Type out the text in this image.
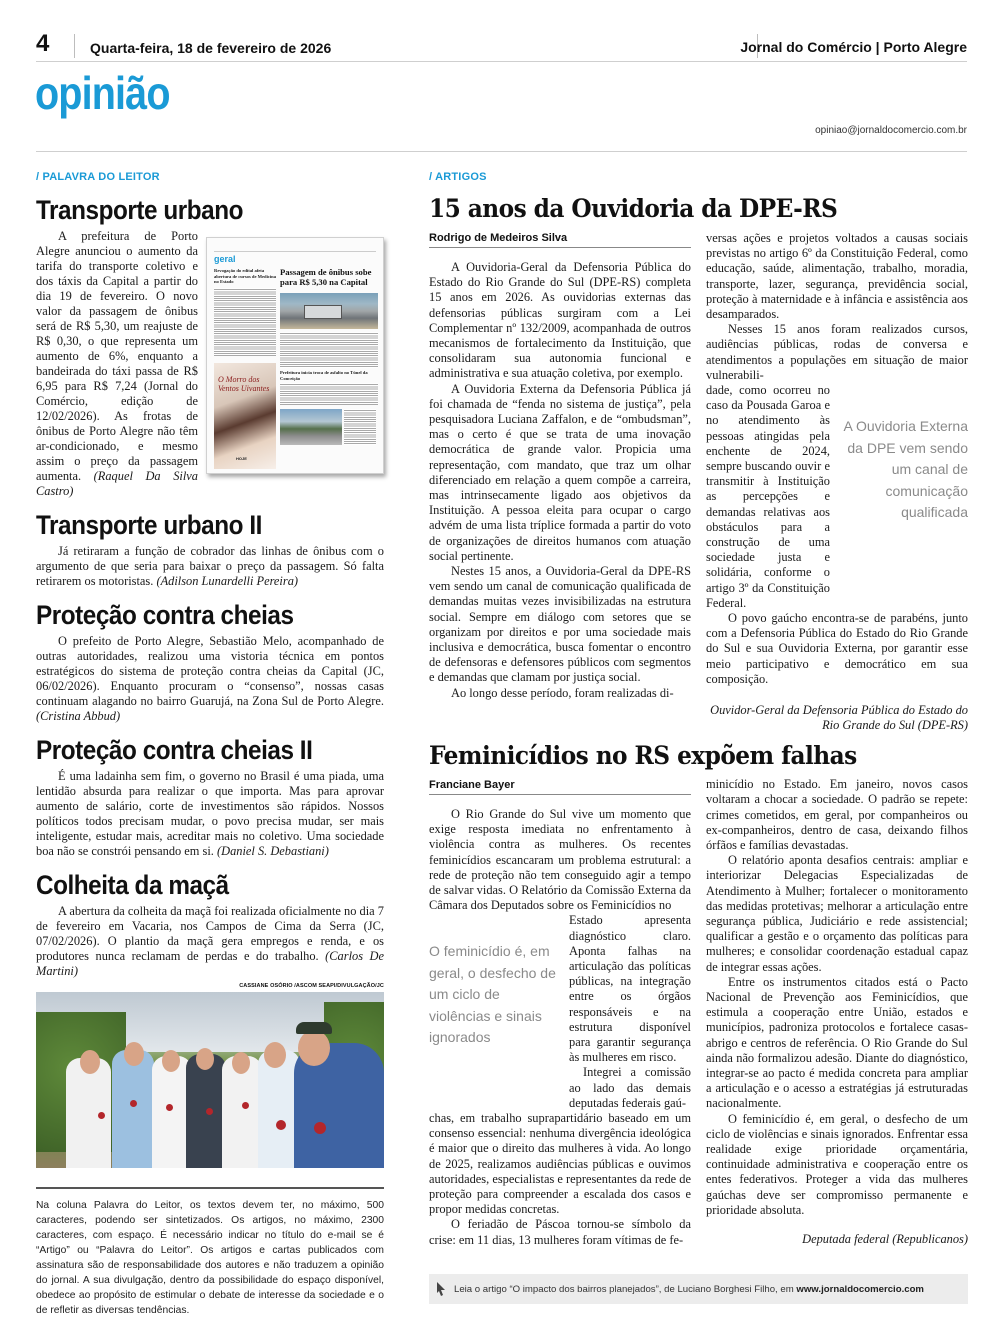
4	Quarta-feira, 18 de fevereiro de 2026	Jornal do Comércio | Porto Alegre
opinião
opiniao@jornaldocomercio.com.br
/ PALAVRA DO LEITOR
Transporte urbano
A prefeitura de Porto Alegre anunciou o aumento da tarifa do transporte coletivo e dos táxis da Capital a partir do dia 19 de fevereiro. O novo valor da passagem de ônibus será de R$ 5,30, um reajuste de R$ 0,30, o que representa um aumento de 6%, enquanto a bandeirada do táxi passa de R$ 6,95 para R$ 7,24 (Jornal do Comércio, edição de 12/02/2026). As frotas de ônibus de Porto Alegre não têm ar-condicionado, e mesmo assim o preço da passagem aumenta. (Raquel Da Silva Castro)
geral
Revogação do edital afeta abertura de cursos de Medicina no Estado
O Morro dos Ventos Uivantes
HOJE
Passagem de ônibus sobe para R$ 5,30 na Capital
Prefeitura inicia troca de asfalto no Túnel da Conceição
Transporte urbano II
Já retiraram a função de cobrador das linhas de ônibus com o argumento de que seria para baixar o preço da passagem. Só falta retirarem os motoristas. (Adilson Lunardelli Pereira)
Proteção contra cheias
O prefeito de Porto Alegre, Sebastião Melo, acompanhado de outras autoridades, realizou uma vistoria técnica em pontos estratégicos do sistema de proteção contra cheias da Capital (JC, 06/02/2026). Enquanto procuram o “consenso”, nossas casas continuam alagando no bairro Guarujá, na Zona Sul de Porto Alegre. (Cristina Abbud)
Proteção contra cheias II
É uma ladainha sem fim, o governo no Brasil é uma piada, uma lentidão absurda para realizar o que importa. Mas para aprovar aumento de salário, corte de investimentos são rápidos. Nossos políticos todos precisam mudar, o povo precisa mudar, ser mais inteligente, estudar mais, acreditar mais no coletivo. Uma sociedade boa não se constrói pensando em si. (Daniel S. Debastiani)
Colheita da maçã
A abertura da colheita da maçã foi realizada oficialmente no dia 7 de fevereiro em Vacaria, nos Campos de Cima da Serra (JC, 07/02/2026). O plantio da maçã gera empregos e renda, e os produtores nunca reclamam de perdas e do trabalho. (Carlos De Martini)
CASSIANE OSÓRIO /ASCOM SEAPI/DIVULGAÇÃO/JC
Na coluna Palavra do Leitor, os textos devem ter, no máximo, 500 caracteres, podendo ser sintetizados. Os artigos, no máximo, 2300 caracteres, com espaço. É necessário indicar no título do e-mail se é “Artigo” ou “Palavra do Leitor”. Os artigos e cartas publicados com assinatura são de responsabilidade dos autores e não traduzem a opinião do jornal. A sua divulgação, dentro da possibilidade do espaço disponível, obedece ao propósito de estimular o debate de interesse da sociedade e o de refletir as diversas tendências.
/ ARTIGOS
15 anos da Ouvidoria da DPE-RS
Rodrigo de Medeiros Silva

A Ouvidoria-Geral da Defensoria Pública do Estado do Rio Grande do Sul (DPE-RS) completa 15 anos em 2026. As ouvidorias externas das defensorias públicas surgiram com a Lei Complementar nº 132/2009, acompanhada de outros mecanismos de fortalecimento da Instituição, que consolidaram sua autonomia funcional e administrativa e sua atuação coletiva, por exemplo.

A Ouvidoria Externa da Defensoria Pública já foi chamada de “fenda no sistema de justiça”, pela pesquisadora Luciana Zaffalon, e de “ombudsman”, mas o certo é que se trata de uma inovação democrática de grande valor. Propicia uma representação, com mandato, que traz um olhar diferenciado em relação a quem compõe a carreira, mas intrinsecamente ligado aos objetivos da Instituição. A pessoa eleita para ocupar o cargo advém de uma lista tríplice formada a partir do voto de organizações de direitos humanos com atuação social pertinente.

Nestes 15 anos, a Ouvidoria-Geral da DPE-RS vem sendo um canal de comunicação qualificada de demandas muitas vezes invisibilizadas na estrutura social. Sempre em diálogo com setores que se organizam por direitos e por uma sociedade mais inclusiva e democrática, busca fomentar o encontro de defensoras e defensores públicos com segmentos e demandas que clamam por justiça social.

Ao longo desse período, foram realizadas di-

Feminicídios no RS expõem falhas
Franciane Bayer

O Rio Grande do Sul vive um momento que exige resposta imediata no enfrentamento à violência contra as mulheres. Os recentes feminicídios escancaram um problema estrutural: a rede de proteção não tem conseguido agir a tempo de salvar vidas. O Relatório da Comissão Externa da Câmara dos Deputados sobre os Feminicídios no

O feminicídio é, em geral, o desfecho de um ciclo de violências e sinais ignorados

Estado apresenta diagnóstico claro. Aponta falhas na articulação das políticas públicas, na integração entre os órgãos responsáveis e na estrutura disponível para garantir segurança às mulheres em risco.

Integrei a comissão ao lado das demais deputadas federais gaú-

chas, em trabalho suprapartidário baseado em um consenso essencial: nenhuma divergência ideológica é maior que o direito das mulheres à vida. Ao longo de 2025, realizamos audiências públicas e ouvimos autoridades, especialistas e representantes da rede de proteção para compreender a escalada dos casos e propor medidas concretas.

O feriadão de Páscoa tornou-se símbolo da crise: em 11 dias, 13 mulheres foram vítimas de fe-

versas ações e projetos voltados a causas sociais previstas no artigo 6º da Constituição Federal, como educação, saúde, alimentação, trabalho, moradia, transporte, lazer, segurança, previdência social, proteção à maternidade e à infância e assistência aos desamparados.

Nesses 15 anos foram realizados cursos, audiências públicas, rodas de conversa e atendimentos a populações em situação de maior vulnerabili-

dade, como ocorreu no caso da Pousada Garoa e no atendimento às pessoas atingidas pela enchente de 2024, sempre buscando ouvir e transmitir à Instituição as percepções e demandas relativas aos obstáculos para a construção de uma sociedade justa e solidária, conforme o artigo 3º da Constituição Federal.

A Ouvidoria Externa da DPE vem sendo um canal de comunicação qualificada

O povo gaúcho encontra-se de parabéns, junto com a Defensoria Pública do Estado do Rio Grande do Sul e sua Ouvidoria Externa, por garantir esse meio participativo e democrático em sua composição.

Ouvidor-Geral da Defensoria Pública do Estado do Rio Grande do Sul (DPE-RS)

minicídio no Estado. Em janeiro, novos casos voltaram a chocar a sociedade. O padrão se repete: crimes cometidos, em geral, por companheiros ou ex-companheiros, dentro de casa, deixando filhos órfãos e famílias devastadas.

O relatório aponta desafios centrais: ampliar e interiorizar Delegacias Especializadas de Atendimento à Mulher; fortalecer o monitoramento das medidas protetivas; melhorar a articulação entre segurança pública, Judiciário e rede assistencial; qualificar a gestão e o orçamento das políticas para mulheres; e consolidar coordenação estadual capaz de integrar essas ações.

Entre os instrumentos citados está o Pacto Nacional de Prevenção aos Feminicídios, que estimula a cooperação entre União, estados e municípios, padroniza protocolos e fortalece casas-abrigo e centros de referência. O Rio Grande do Sul ainda não formalizou adesão. Diante do diagnóstico, integrar-se ao pacto é medida concreta para ampliar a articulação e o acesso a estratégias já estruturadas nacionalmente.

O feminicídio é, em geral, o desfecho de um ciclo de violências e sinais ignorados. Enfrentar essa realidade exige prioridade orçamentária, continuidade administrativa e cooperação entre os entes federativos. Proteger a vida das mulheres gaúchas deve ser compromisso permanente e prioridade absoluta.

Deputada federal (Republicanos)
Leia o artigo “O impacto dos bairros planejados”, de Luciano Borghesi Filho, em
www.jornaldocomercio.com
